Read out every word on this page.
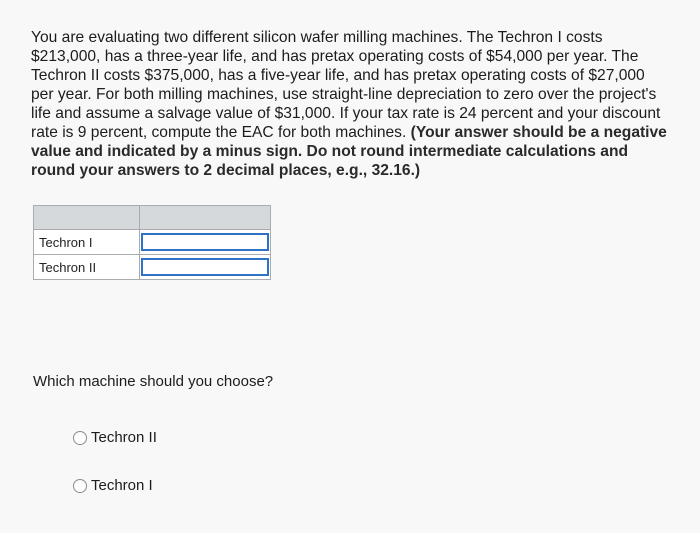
You are evaluating two different silicon wafer milling machines. The Techron I costs $213,000, has a three-year life, and has pretax operating costs of $54,000 per year. The Techron II costs $375,000, has a five-year life, and has pretax operating costs of $27,000 per year. For both milling machines, use straight-line depreciation to zero over the project's life and assume a salvage value of $31,000. If your tax rate is 24 percent and your discount rate is 9 percent, compute the EAC for both machines. (Your answer should be a negative value and indicated by a minus sign. Do not round intermediate calculations and round your answers to 2 decimal places, e.g., 32.16.)

Techron I	

Techron II	

Which machine should you choose?

Techron II
Techron I
